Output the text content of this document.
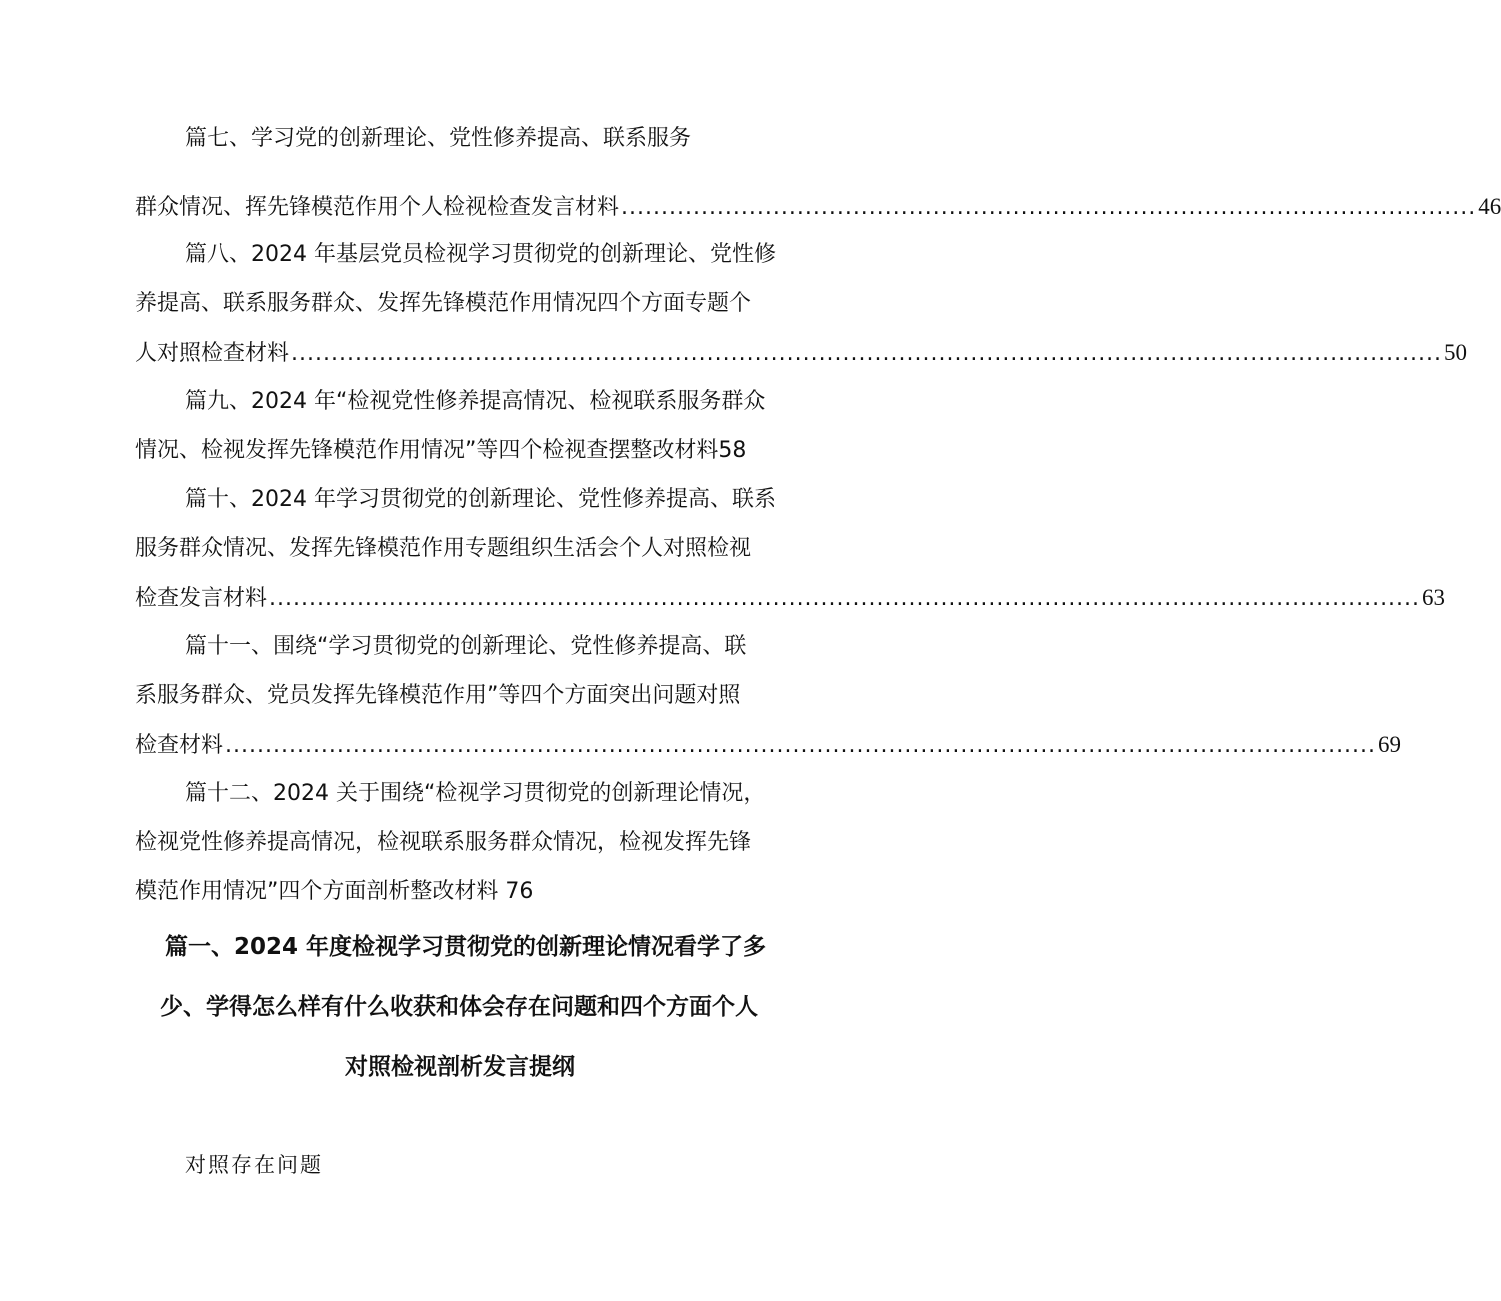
篇七、学习党的创新理论、党性修养提高、联系服务
群众情况、挥先锋模范作用个人检视检查发言材料 ........................................................................................................... 46
篇八、2024 年基层党员检视学习贯彻党的创新理论、党性修
养提高、联系服务群众、发挥先锋模范作用情况四个方面专题个
人对照检查材料 ................................................................................................................................................ 50
篇九、2024 年“检视党性修养提高情况、检视联系服务群众
情况、检视发挥先锋模范作用情况”等四个检视查摆整改材料58
篇十、2024 年学习贯彻党的创新理论、党性修养提高、联系
服务群众情况、发挥先锋模范作用专题组织生活会个人对照检视
检查发言材料 ................................................................................................................................................ 63
篇十一、围绕“学习贯彻党的创新理论、党性修养提高、联
系服务群众、党员发挥先锋模范作用”等四个方面突出问题对照
检查材料 ................................................................................................................................................ 69
篇十二、2024 关于围绕“检视学习贯彻党的创新理论情况，
检视党性修养提高情况，检视联系服务群众情况，检视发挥先锋
模范作用情况”四个方面剖析整改材料 76
篇一、2024 年度检视学习贯彻党的创新理论情况看学了多
少、学得怎么样有什么收获和体会存在问题和四个方面个人
对照检视剖析发言提纲
对照存在问题
